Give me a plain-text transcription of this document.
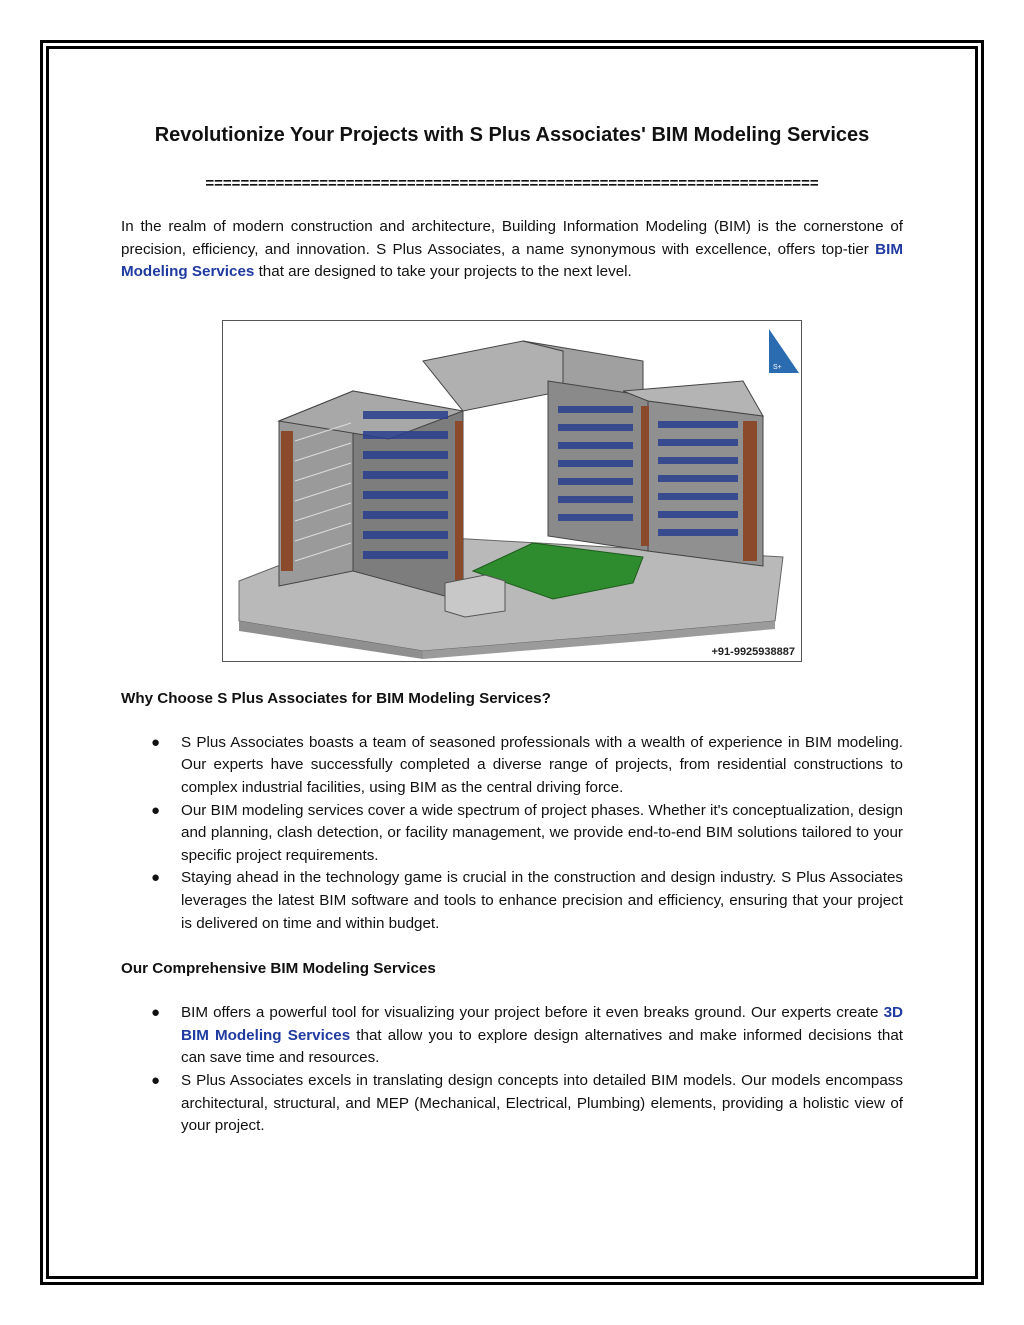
Revolutionize Your Projects with S Plus Associates' BIM Modeling Services
======================================================================

In the realm of modern construction and architecture, Building Information Modeling (BIM) is the cornerstone of precision, efficiency, and innovation. S Plus Associates, a name synonymous with excellence, offers top-tier BIM Modeling Services that are designed to take your projects to the next level.

S+
+91-9925938887
Why Choose S Plus Associates for BIM Modeling Services?
● S Plus Associates boasts a team of seasoned professionals with a wealth of experience in BIM modeling. Our experts have successfully completed a diverse range of projects, from residential constructions to complex industrial facilities, using BIM as the central driving force.

● Our BIM modeling services cover a wide spectrum of project phases. Whether it's conceptualization, design and planning, clash detection, or facility management, we provide end-to-end BIM solutions tailored to your specific project requirements.

● Staying ahead in the technology game is crucial in the construction and design industry. S Plus Associates leverages the latest BIM software and tools to enhance precision and efficiency, ensuring that your project is delivered on time and within budget.

Our Comprehensive BIM Modeling Services
● BIM offers a powerful tool for visualizing your project before it even breaks ground. Our experts create 3D BIM Modeling Services that allow you to explore design alternatives and make informed decisions that can save time and resources.

● S Plus Associates excels in translating design concepts into detailed BIM models. Our models encompass architectural, structural, and MEP (Mechanical, Electrical, Plumbing) elements, providing a holistic view of your project.
